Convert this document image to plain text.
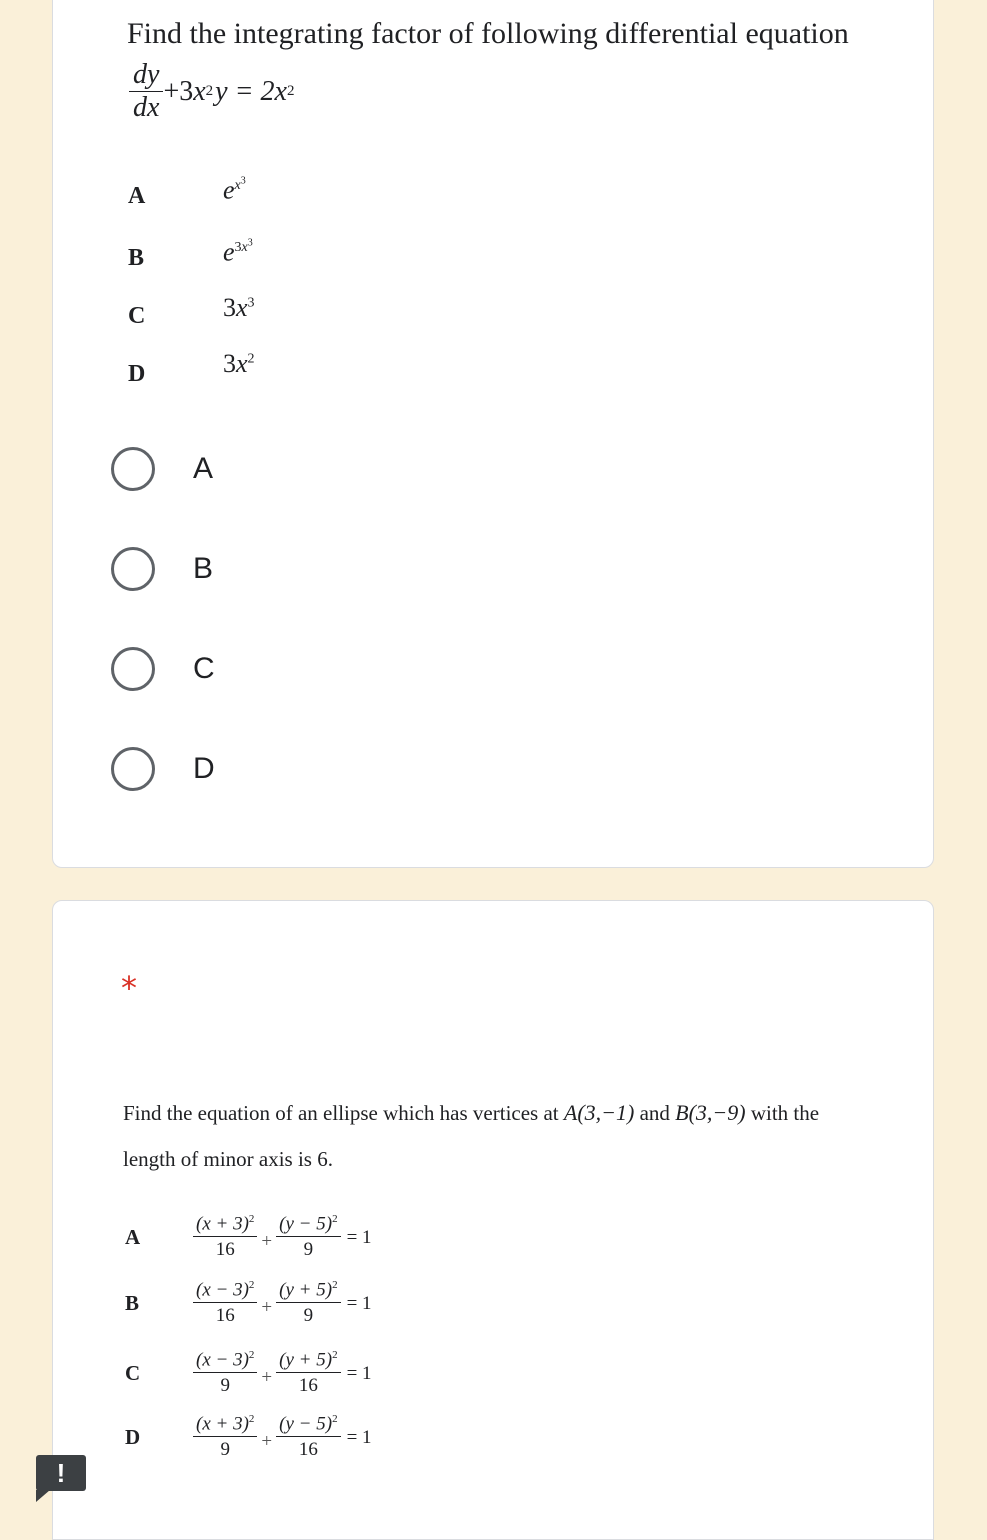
Find the integrating factor of following differential equation
$\frac{dy}{dx} +3$ x 2 y = 2 x 2
A	$e^{x^3}$
B	$e^{3x^3}$
C	$3x^3$
D	$3x^2$
A
B
C
D
*
Find the equation of an ellipse which has vertices at A(3,−1) and B(3,−9) with the
length of minor axis is 6.
A	$\frac{(x + 3)^2}{16} + \frac{(y - 5)^2}{9} = 1$
B	$\frac{(x - 3)^2}{16} + \frac{(y + 5)^2}{9} = 1$
C	$\frac{(x - 3)^2}{9} + \frac{(y + 5)^2}{16} = 1$
D	$\frac{(x + 3)^2}{9} + \frac{(y - 5)^2}{16} = 1$
!
